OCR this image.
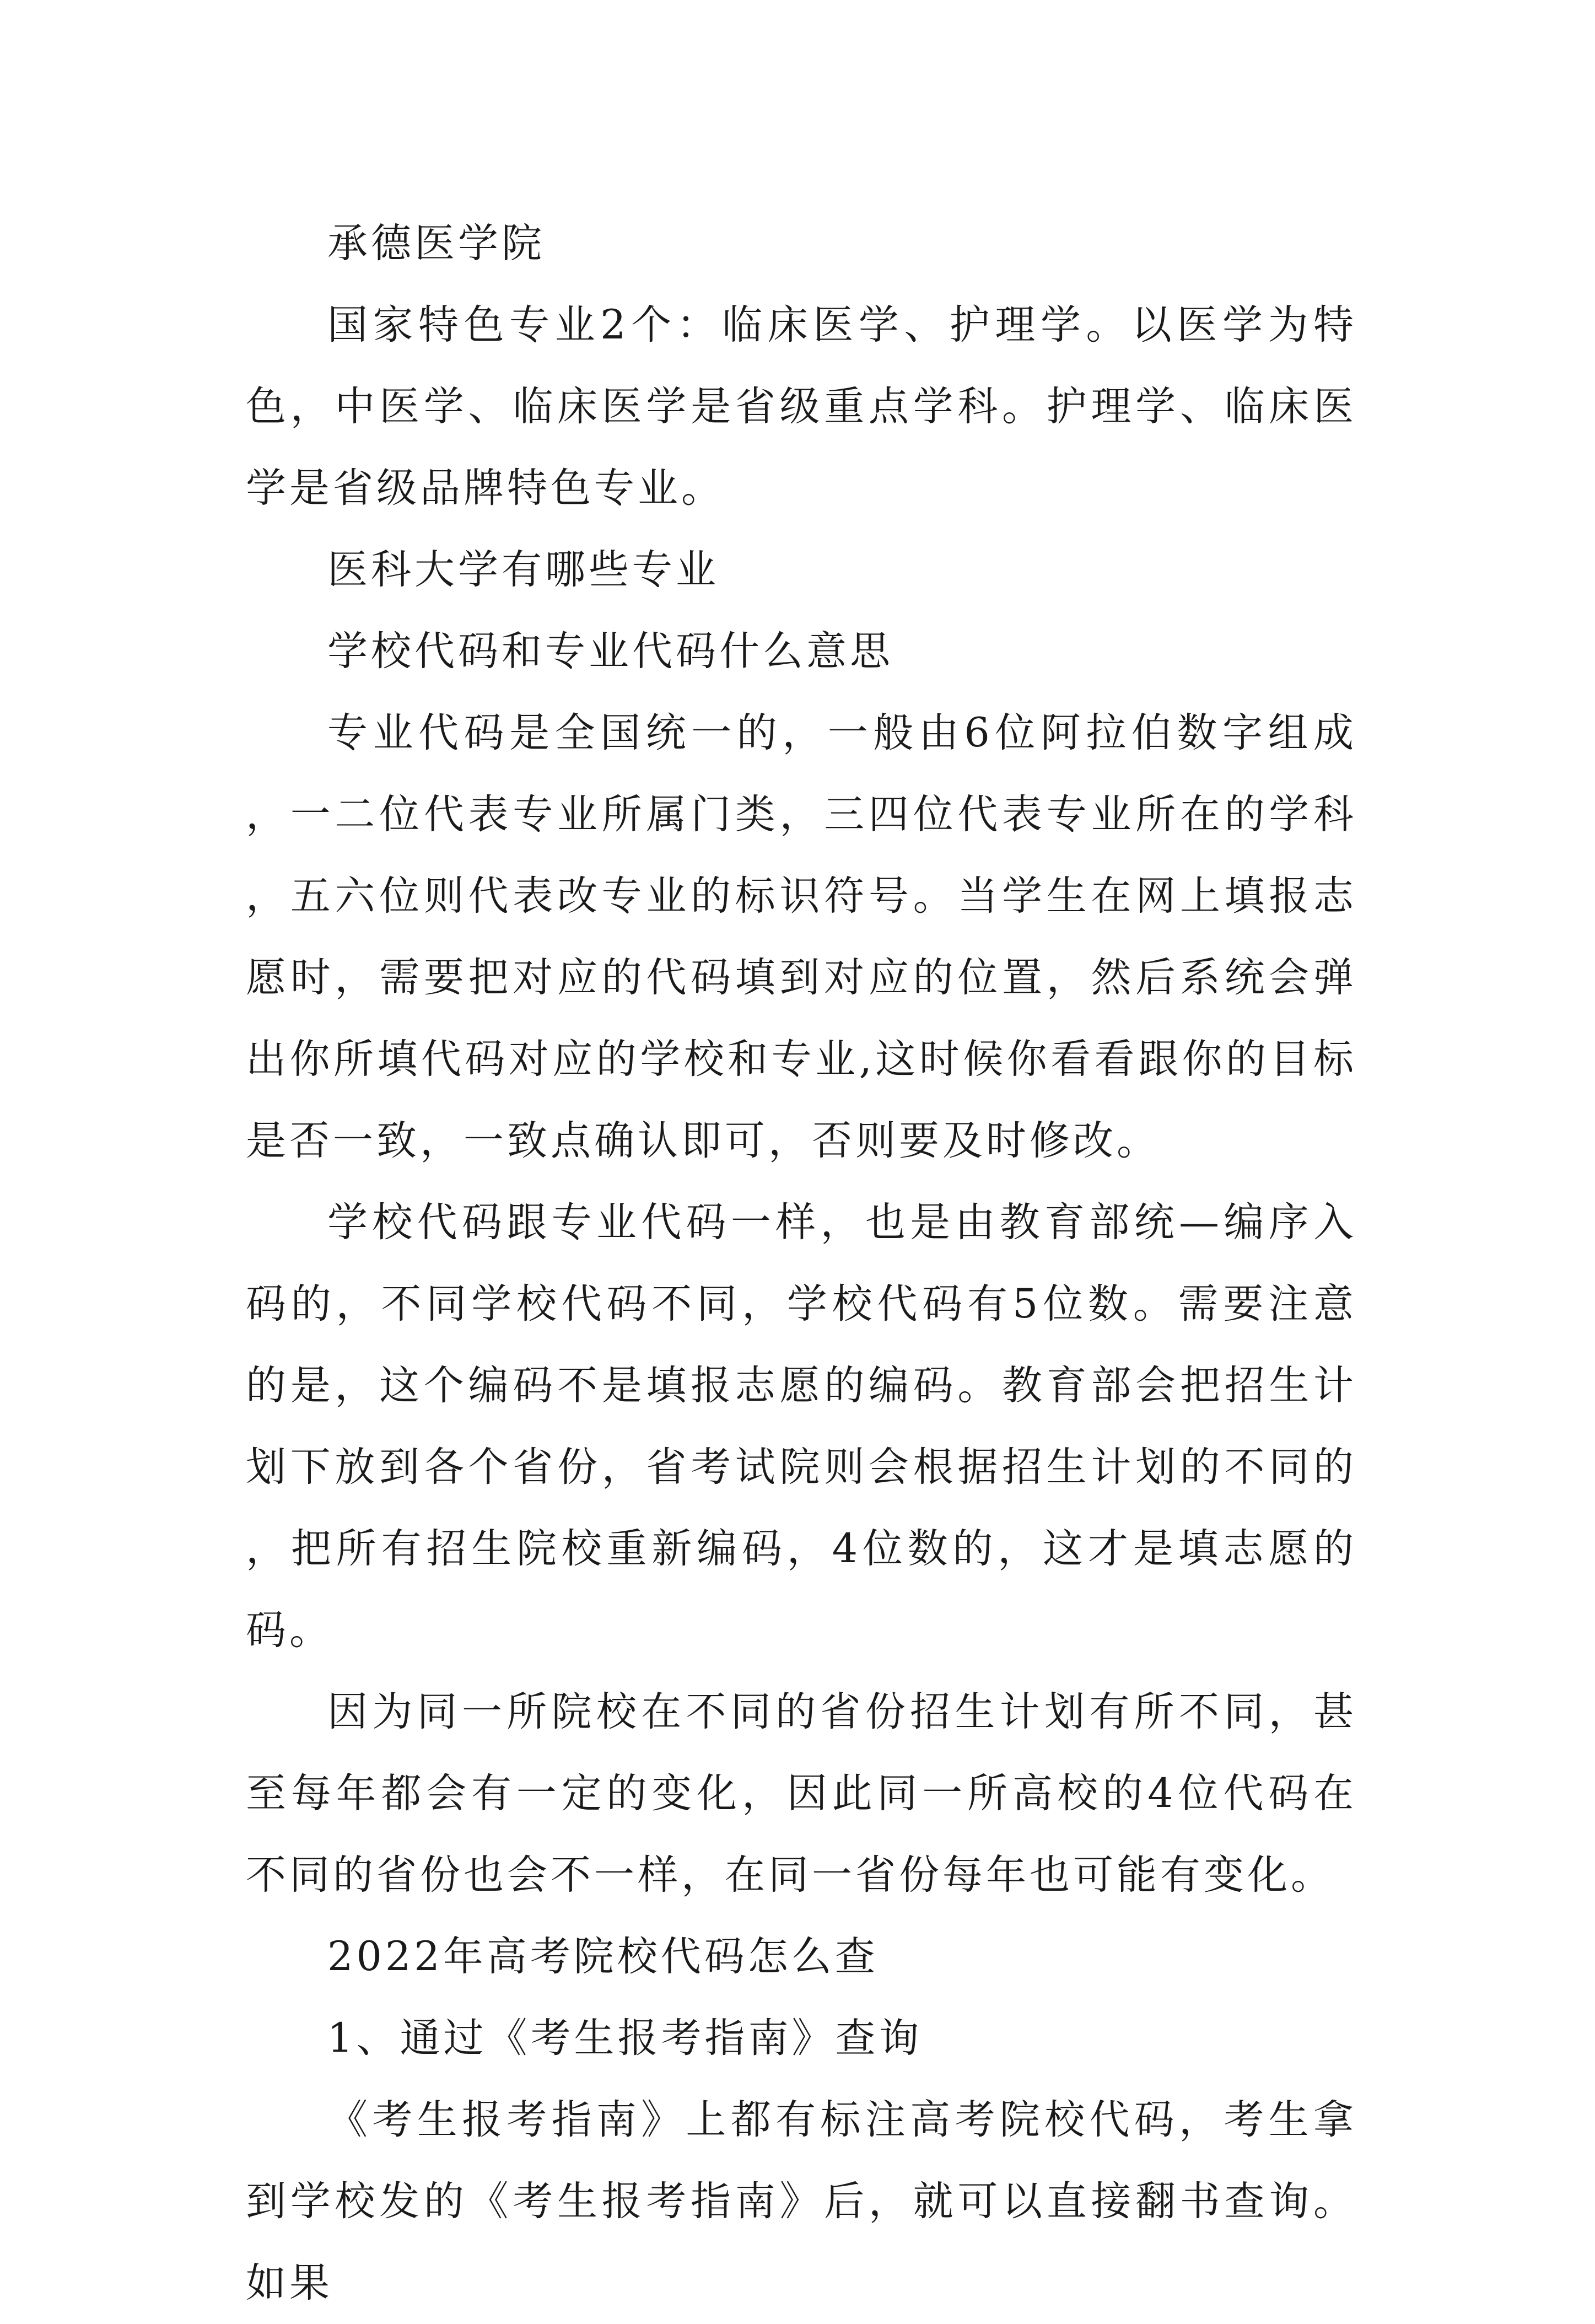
承德医学院

国家特色专业2个：临床医学、护理学。以医学为特色，中医学、临床医学是省级重点学科。护理学、临床医学是省级品牌特色专业。

医科大学有哪些专业

学校代码和专业代码什么意思

专业代码是全国统一的，一般由6位阿拉伯数字组成，一二位代表专业所属门类，三四位代表专业所在的学科，五六位则代表改专业的标识符号。当学生在网上填报志愿时，需要把对应的代码填到对应的位置，然后系统会弹出你所填代码对应的学校和专业,这时候你看看跟你的目标是否一致，一致点确认即可，否则要及时修改。

学校代码跟专业代码一样，也是由教育部统—编序入码的，不同学校代码不同，学校代码有5位数。需要注意的是，这个编码不是填报志愿的编码。教育部会把招生计划下放到各个省份，省考试院则会根据招生计划的不同的，把所有招生院校重新编码，4位数的，这才是填志愿的码。

因为同一所院校在不同的省份招生计划有所不同，甚至每年都会有一定的变化，因此同一所高校的4位代码在不同的省份也会不一样，在同一省份每年也可能有变化。

2022年高考院校代码怎么查

1、通过《考生报考指南》查询

《考生报考指南》上都有标注高考院校代码，考生拿到学校发的《考生报考指南》后，就可以直接翻书查询。如果
